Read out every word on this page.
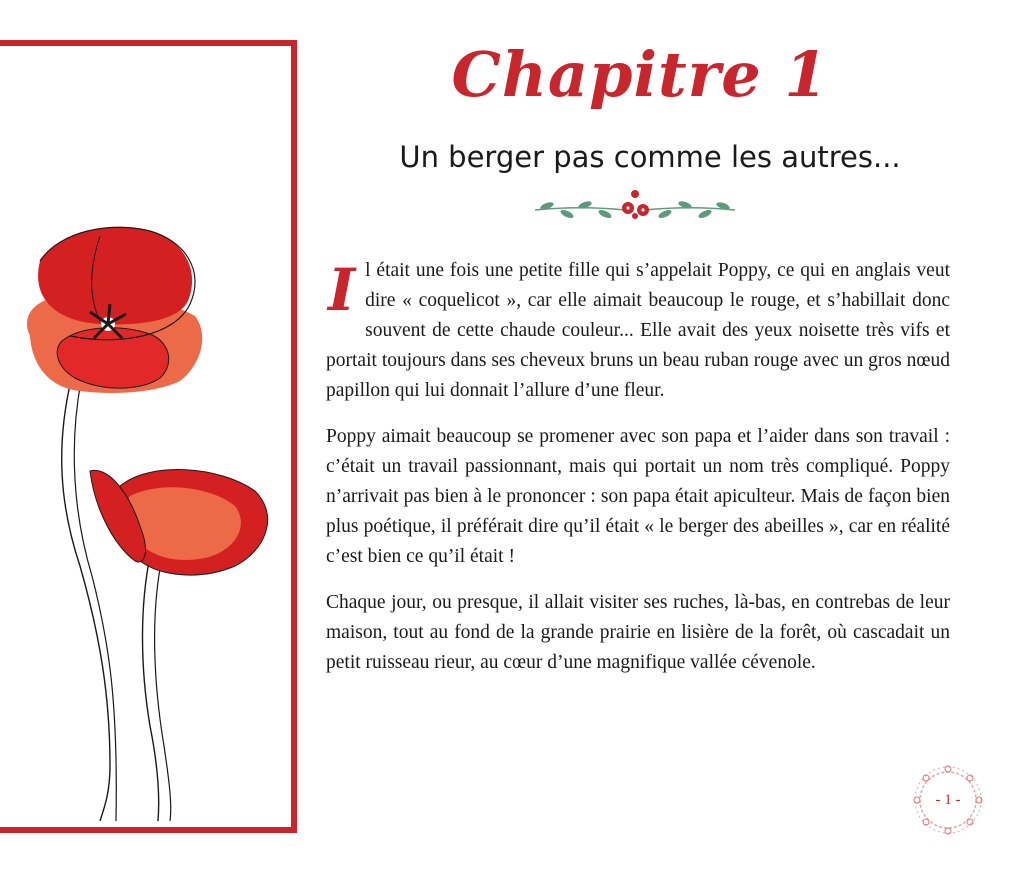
Chapitre 1
Un berger pas comme les autres...

Il était une fois une petite fille qui s’appelait Poppy, ce qui en anglais veut dire « coquelicot », car elle aimait beaucoup le rouge, et s’habillait donc souvent de cette chaude couleur... Elle avait des yeux noisette très vifs et portait toujours dans ses cheveux bruns un beau ruban rouge avec un gros nœud papillon qui lui donnait l’allure d’une fleur.

Poppy aimait beaucoup se promener avec son papa et l’aider dans son travail : c’était un travail passionnant, mais qui portait un nom très compliqué. Poppy n’arrivait pas bien à le prononcer : son papa était apiculteur. Mais de façon bien plus poétique, il préférait dire qu’il était « le berger des abeilles », car en réalité c’est bien ce qu’il était !

Chaque jour, ou presque, il allait visiter ses ruches, là-bas, en contrebas de leur maison, tout au fond de la grande prairie en lisière de la forêt, où cascadait un petit ruisseau rieur, au cœur d’une magnifique vallée cévenole.

- 1 -
